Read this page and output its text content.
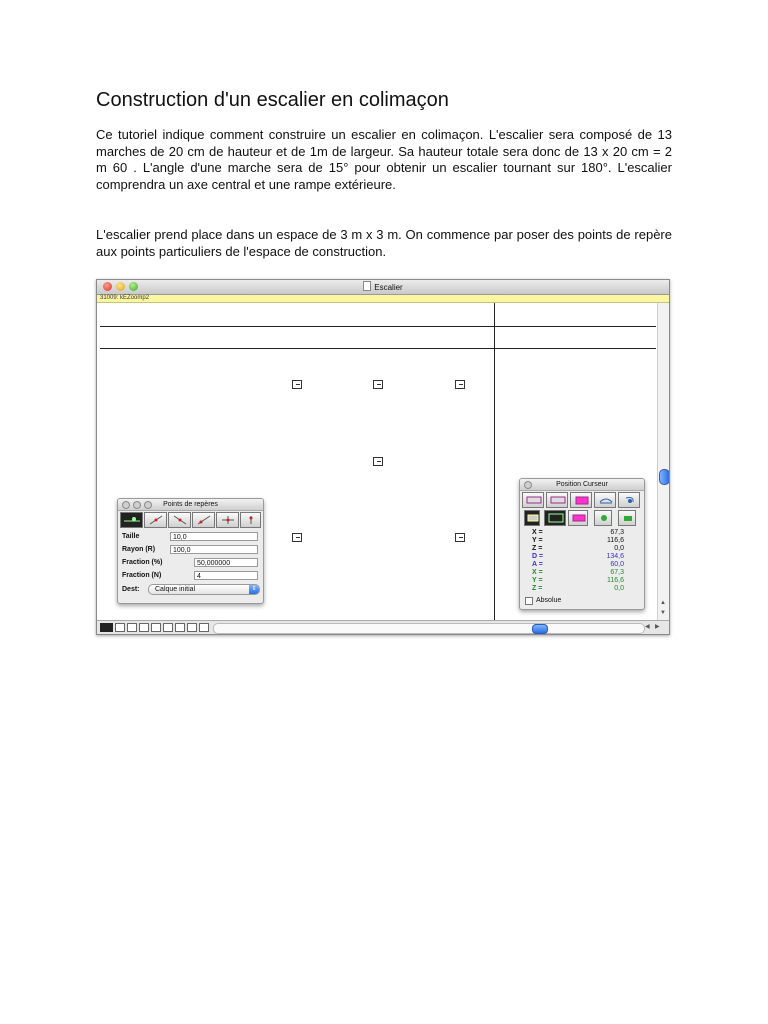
Construction d'un escalier en colimaçon

Ce tutoriel indique comment construire un escalier en colimaçon. L'escalier sera composé de 13 marches de 20 cm de hauteur et de 1m de largeur. Sa hauteur totale sera donc de 13 x 20 cm = 2 m 60 . L'angle d'une marche sera de 15° pour obtenir un escalier tournant sur 180°. L'escalier comprendra un axe central et une rampe extérieure.

L'escalier prend place dans un espace de 3 m x 3 m. On commence par poser des points de repère aux points particuliers de l'espace de construction.

Escalier
31009: kEZoomp2
▲
▼
◀ ▶
Points de repères
Taille	10,0
Rayon (R)	100,0
Fraction (%)	50,000000
Fraction (N)	4
Dest:	Calque initial	⇕
Position Curseur
X =	67,3
Y =	116,6
Z =	0,0
D =	134,6
A =	60,0
X =	67,3
Y =	116,6
Z =	0,0
Absolue
